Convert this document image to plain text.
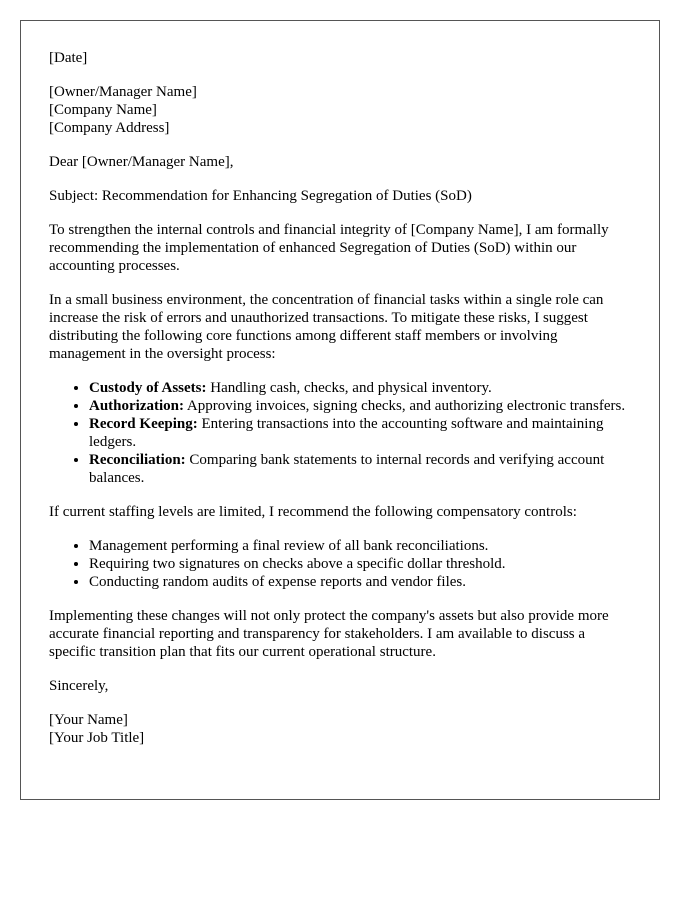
[Date]

[Owner/Manager Name]
[Company Name]
[Company Address]

Dear [Owner/Manager Name],

Subject: Recommendation for Enhancing Segregation of Duties (SoD)

To strengthen the internal controls and financial integrity of [Company Name], I am formally recommending the implementation of enhanced Segregation of Duties (SoD) within our accounting processes.

In a small business environment, the concentration of financial tasks within a single role can increase the risk of errors and unauthorized transactions. To mitigate these risks, I suggest distributing the following core functions among different staff members or involving management in the oversight process:

• Custody of Assets: Handling cash, checks, and physical inventory.
• Authorization: Approving invoices, signing checks, and authorizing electronic transfers.
• Record Keeping: Entering transactions into the accounting software and maintaining ledgers.
• Reconciliation: Comparing bank statements to internal records and verifying account balances.

If current staffing levels are limited, I recommend the following compensatory controls:

• Management performing a final review of all bank reconciliations.
• Requiring two signatures on checks above a specific dollar threshold.
• Conducting random audits of expense reports and vendor files.

Implementing these changes will not only protect the company's assets but also provide more accurate financial reporting and transparency for stakeholders. I am available to discuss a specific transition plan that fits our current operational structure.

Sincerely,

[Your Name]
[Your Job Title]
